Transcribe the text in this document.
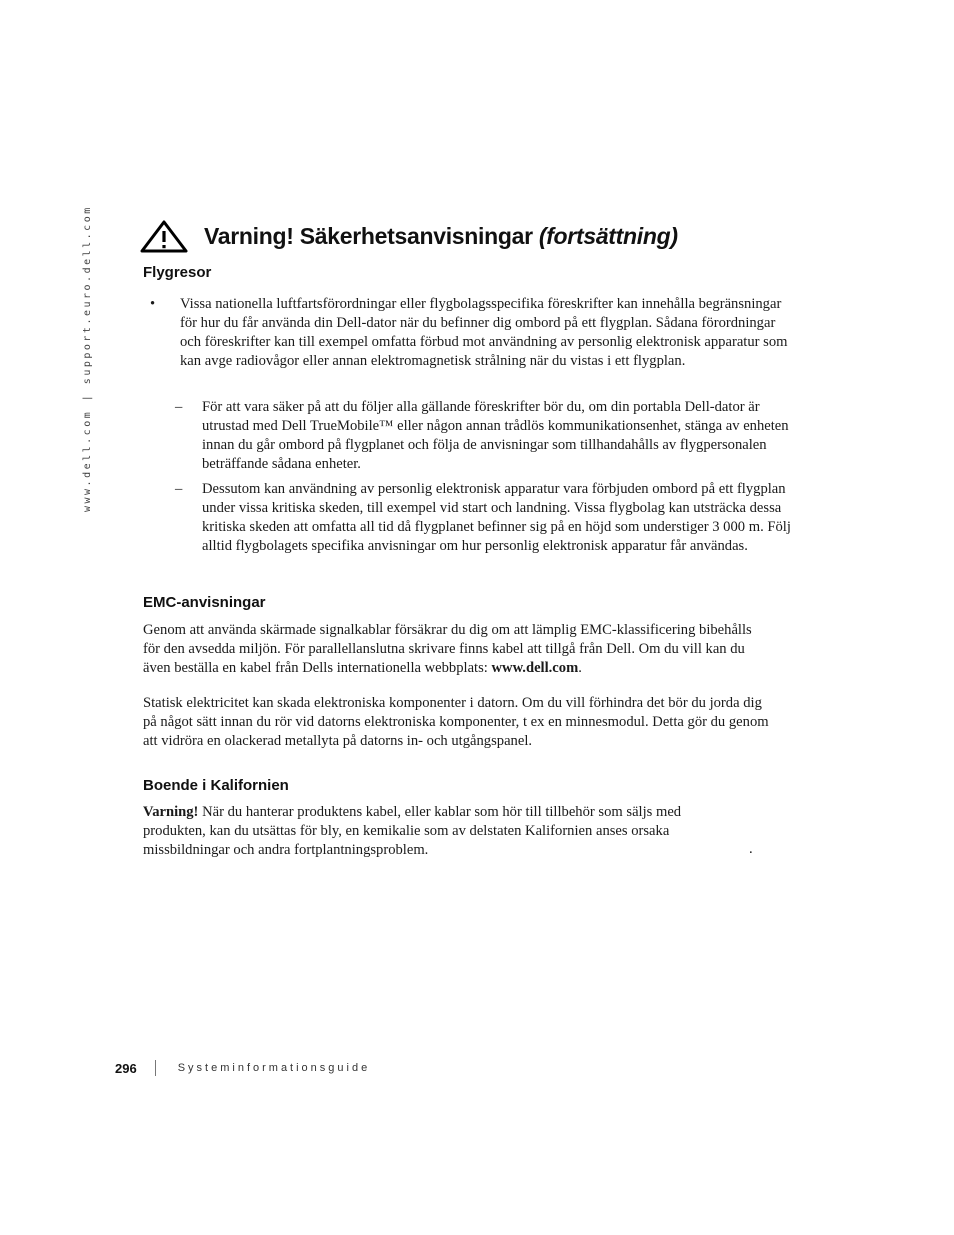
www.dell.com | support.euro.dell.com	Varning! Säkerhetsanvisningar (fortsättning)
Flygresor
•	Vissa nationella luftfartsförordningar eller flygbolagsspecifika föreskrifter kan innehålla begränsningar för hur du får använda din Dell-dator när du befinner dig ombord på ett flygplan. Sådana förordningar och föreskrifter kan till exempel omfatta förbud mot användning av personlig elektronisk apparatur som kan avge radiovågor eller annan elektromagnetisk strålning när du vistas i ett flygplan.
–	För att vara säker på att du följer alla gällande föreskrifter bör du, om din portabla Dell-dator är utrustad med Dell TrueMobile™ eller någon annan trådlös kommunikationsenhet, stänga av enheten innan du går ombord på flygplanet och följa de anvisningar som tillhandahålls av flygpersonalen beträffande sådana enheter.
–	Dessutom kan användning av personlig elektronisk apparatur vara förbjuden ombord på ett flygplan under vissa kritiska skeden, till exempel vid start och landning. Vissa flygbolag kan utsträcka dessa kritiska skeden att omfatta all tid då flygplanet befinner sig på en höjd som understiger 3 000 m. Följ alltid flygbolagets specifika anvisningar om hur personlig elektronisk apparatur får användas.
EMC-anvisningar
Genom att använda skärmade signalkablar försäkrar du dig om att lämplig EMC-klassificering bibehålls för den avsedda miljön. För parallellanslutna skrivare finns kabel att tillgå från Dell. Om du vill kan du även beställa en kabel från Dells internationella webbplats: www.dell.com.
Statisk elektricitet kan skada elektroniska komponenter i datorn. Om du vill förhindra det bör du jorda dig på något sätt innan du rör vid datorns elektroniska komponenter, t ex en minnesmodul. Detta gör du genom att vidröra en olackerad metallyta på datorns in- och utgångspanel.
Boende i Kalifornien
Varning! När du hanterar produktens kabel, eller kablar som hör till tillbehör som säljs med produkten, kan du utsättas för bly, en kemikalie som av delstaten Kalifornien anses orsaka missbildningar och andra fortplantningsproblem.	.
296	Systeminformationsguide
